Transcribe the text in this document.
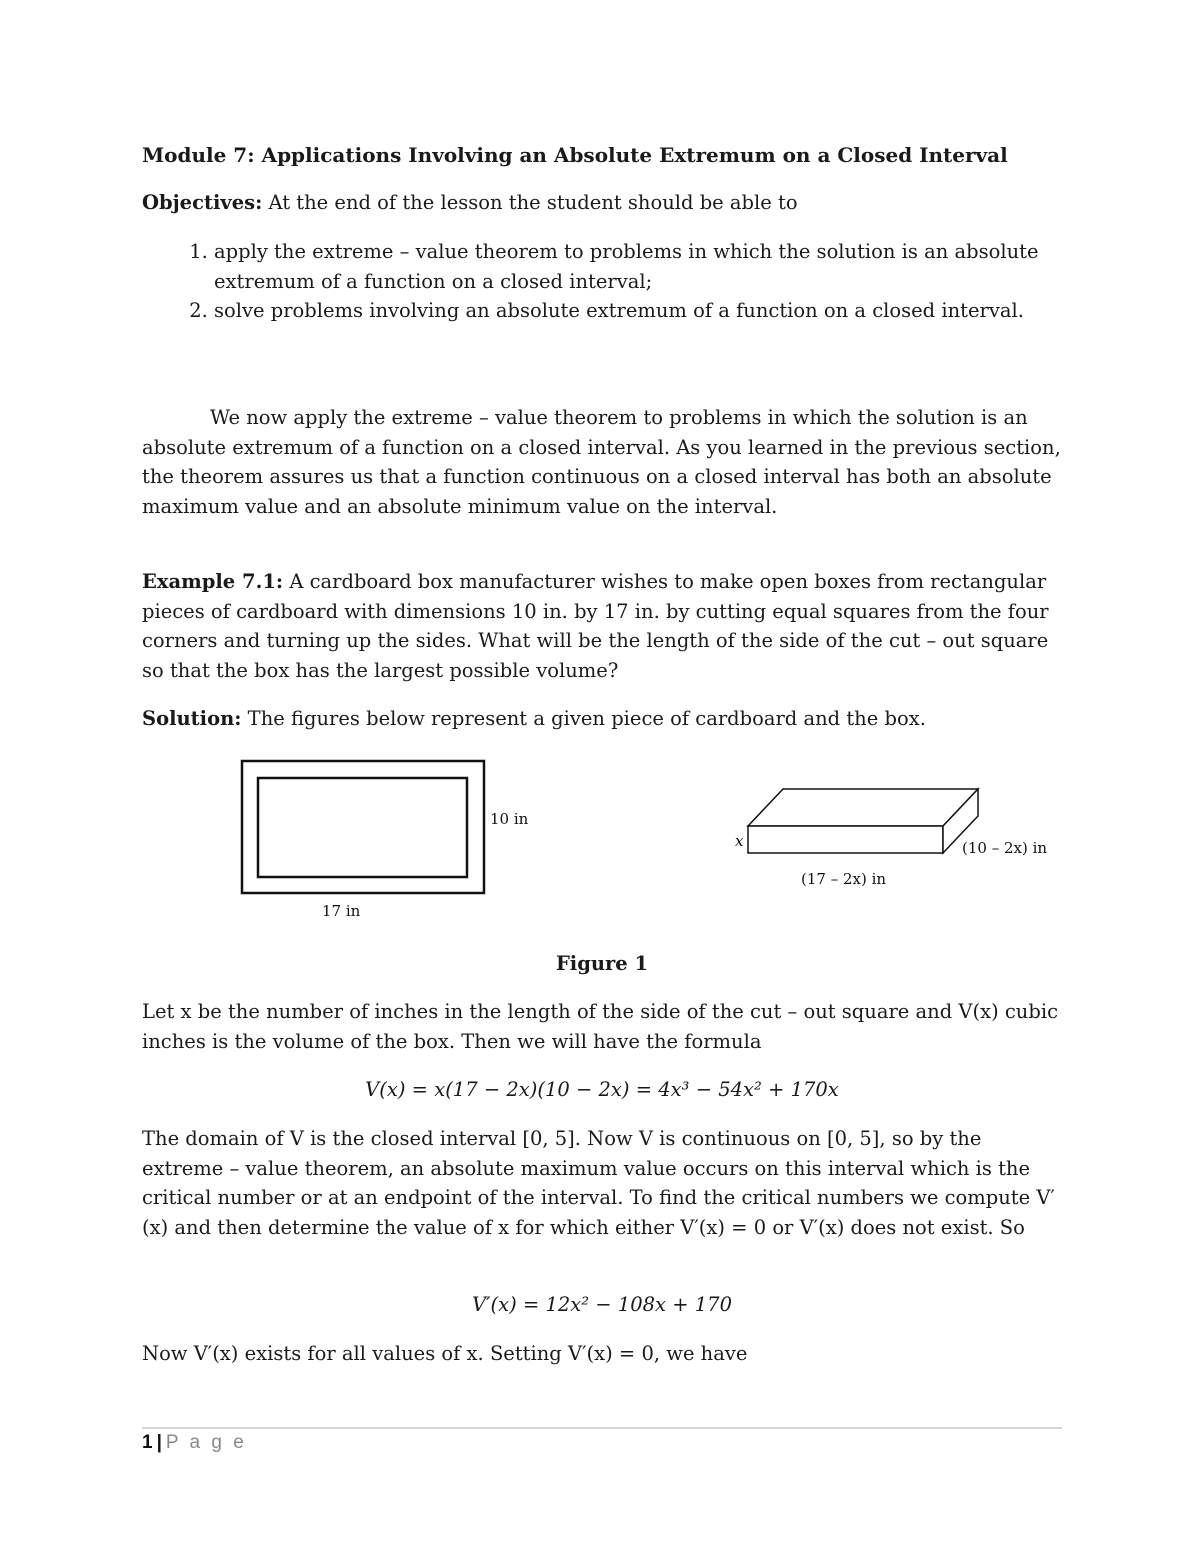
Module 7: Applications Involving an Absolute Extremum on a Closed Interval
Objectives: At the end of the lesson the student should be able to
1. apply the extreme – value theorem to problems in which the solution is an absolute extremum of a function on a closed interval;
2. solve problems involving an absolute extremum of a function on a closed interval.
We now apply the extreme – value theorem to problems in which the solution is an absolute extremum of a function on a closed interval. As you learned in the previous section, the theorem assures us that a function continuous on a closed interval has both an absolute maximum value and an absolute minimum value on the interval.
Example 7.1: A cardboard box manufacturer wishes to make open boxes from rectangular pieces of cardboard with dimensions 10 in. by 17 in. by cutting equal squares from the four corners and turning up the sides. What will be the length of the side of the cut – out square so that the box has the largest possible volume?
Solution: The figures below represent a given piece of cardboard and the box.
Figure 1
Let x be the number of inches in the length of the side of the cut – out square and V(x) cubic inches is the volume of the box. Then we will have the formula
V(x) = x(17 − 2x)(10 − 2x) = 4x³ − 54x² + 170x
The domain of V is the closed interval [0, 5]. Now V is continuous on [0, 5], so by the extreme – value theorem, an absolute maximum value occurs on this interval which is the critical number or at an endpoint of the interval. To find the critical numbers we compute V′(x) and then determine the value of x for which either V′(x) = 0 or V′(x) does not exist. So
V′(x) = 12x² − 108x + 170
Now V′(x) exists for all values of x. Setting V′(x) = 0, we have
10 in
17 in
x
(17 – 2x) in
(10 – 2x) in
1 | P a g e
